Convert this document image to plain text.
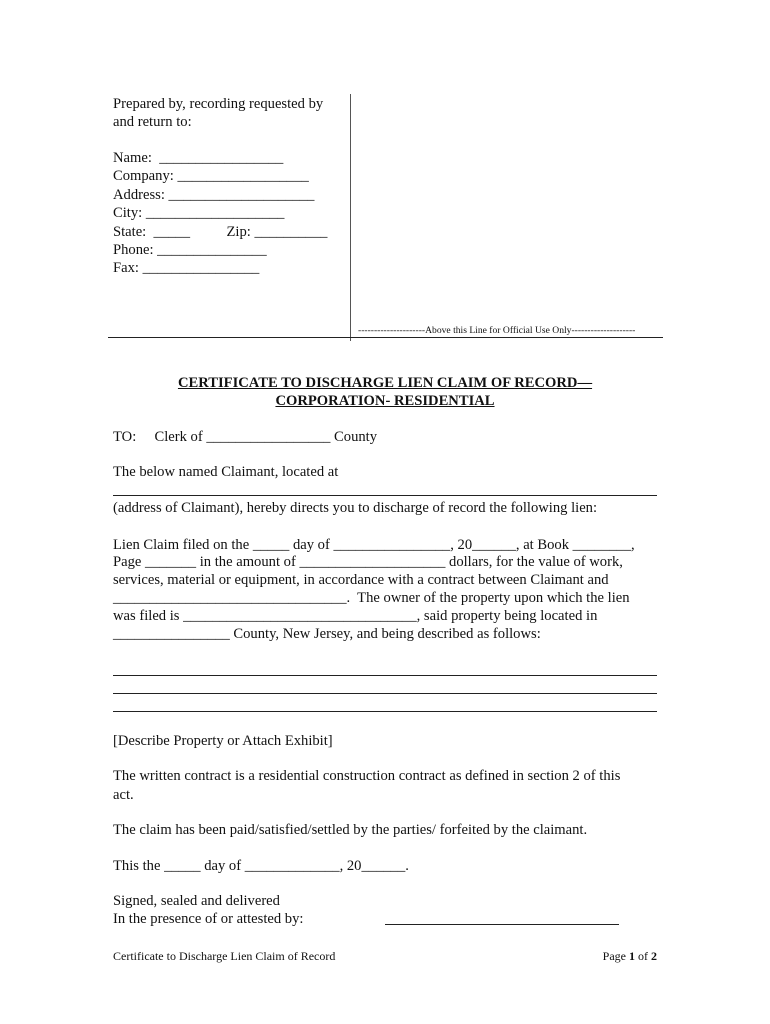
Prepared by, recording requested by
and return to:
Name:  _________________
Company: __________________
Address: ____________________
City: ___________________
State:  _____          Zip: __________
Phone: _______________
Fax: ________________
---------------------Above this Line for Official Use Only--------------------
CERTIFICATE TO DISCHARGE LIEN CLAIM OF RECORD—
CORPORATION- RESIDENTIAL
TO:     Clerk of _________________ County
The below named Claimant, located at
(address of Claimant), hereby directs you to discharge of record the following lien:
Lien Claim filed on the _____ day of ________________, 20______, at Book ________,
Page _______ in the amount of ____________________ dollars, for the value of work,
services, material or equipment, in accordance with a contract between Claimant and
________________________________.  The owner of the property upon which the lien
was filed is ________________________________, said property being located in
________________ County, New Jersey, and being described as follows:
[Describe Property or Attach Exhibit]
The written contract is a residential construction contract as defined in section 2 of this
act.
The claim has been paid/satisfied/settled by the parties/ forfeited by the claimant.
This the _____ day of _____________, 20______.
Signed, sealed and delivered
In the presence of or attested by:
Certificate to Discharge Lien Claim of Record	Page 1 of 2
